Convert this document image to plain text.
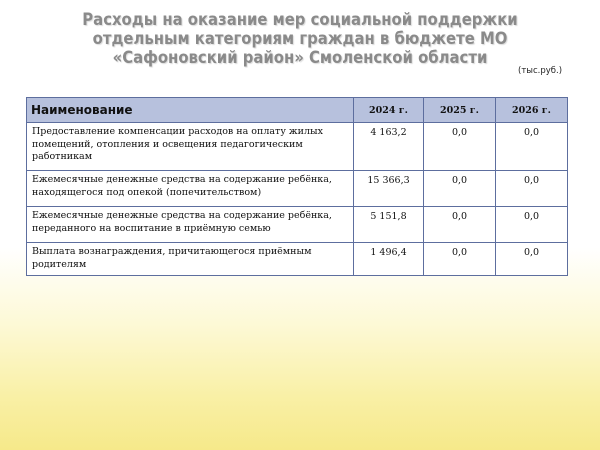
Расходы на оказание мер социальной поддержки
отдельным категориям граждан в бюджете МО
«Сафоновский район» Смоленской области
(тыс.руб.)
Наименование	2024 г.	2025 г.	2026 г.
Предоставление компенсации расходов на оплату жилых помещений, отопления и освещения педагогическим работникам	4 163,2	0,0	0,0
Ежемесячные денежные средства на содержание ребёнка, находящегося под опекой (попечительством)	15 366,3	0,0	0,0
Ежемесячные денежные средства на содержание ребёнка, переданного на воспитание в приёмную семью	5 151,8	0,0	0,0
Выплата вознаграждения, причитающегося приёмным родителям	1 496,4	0,0	0,0
